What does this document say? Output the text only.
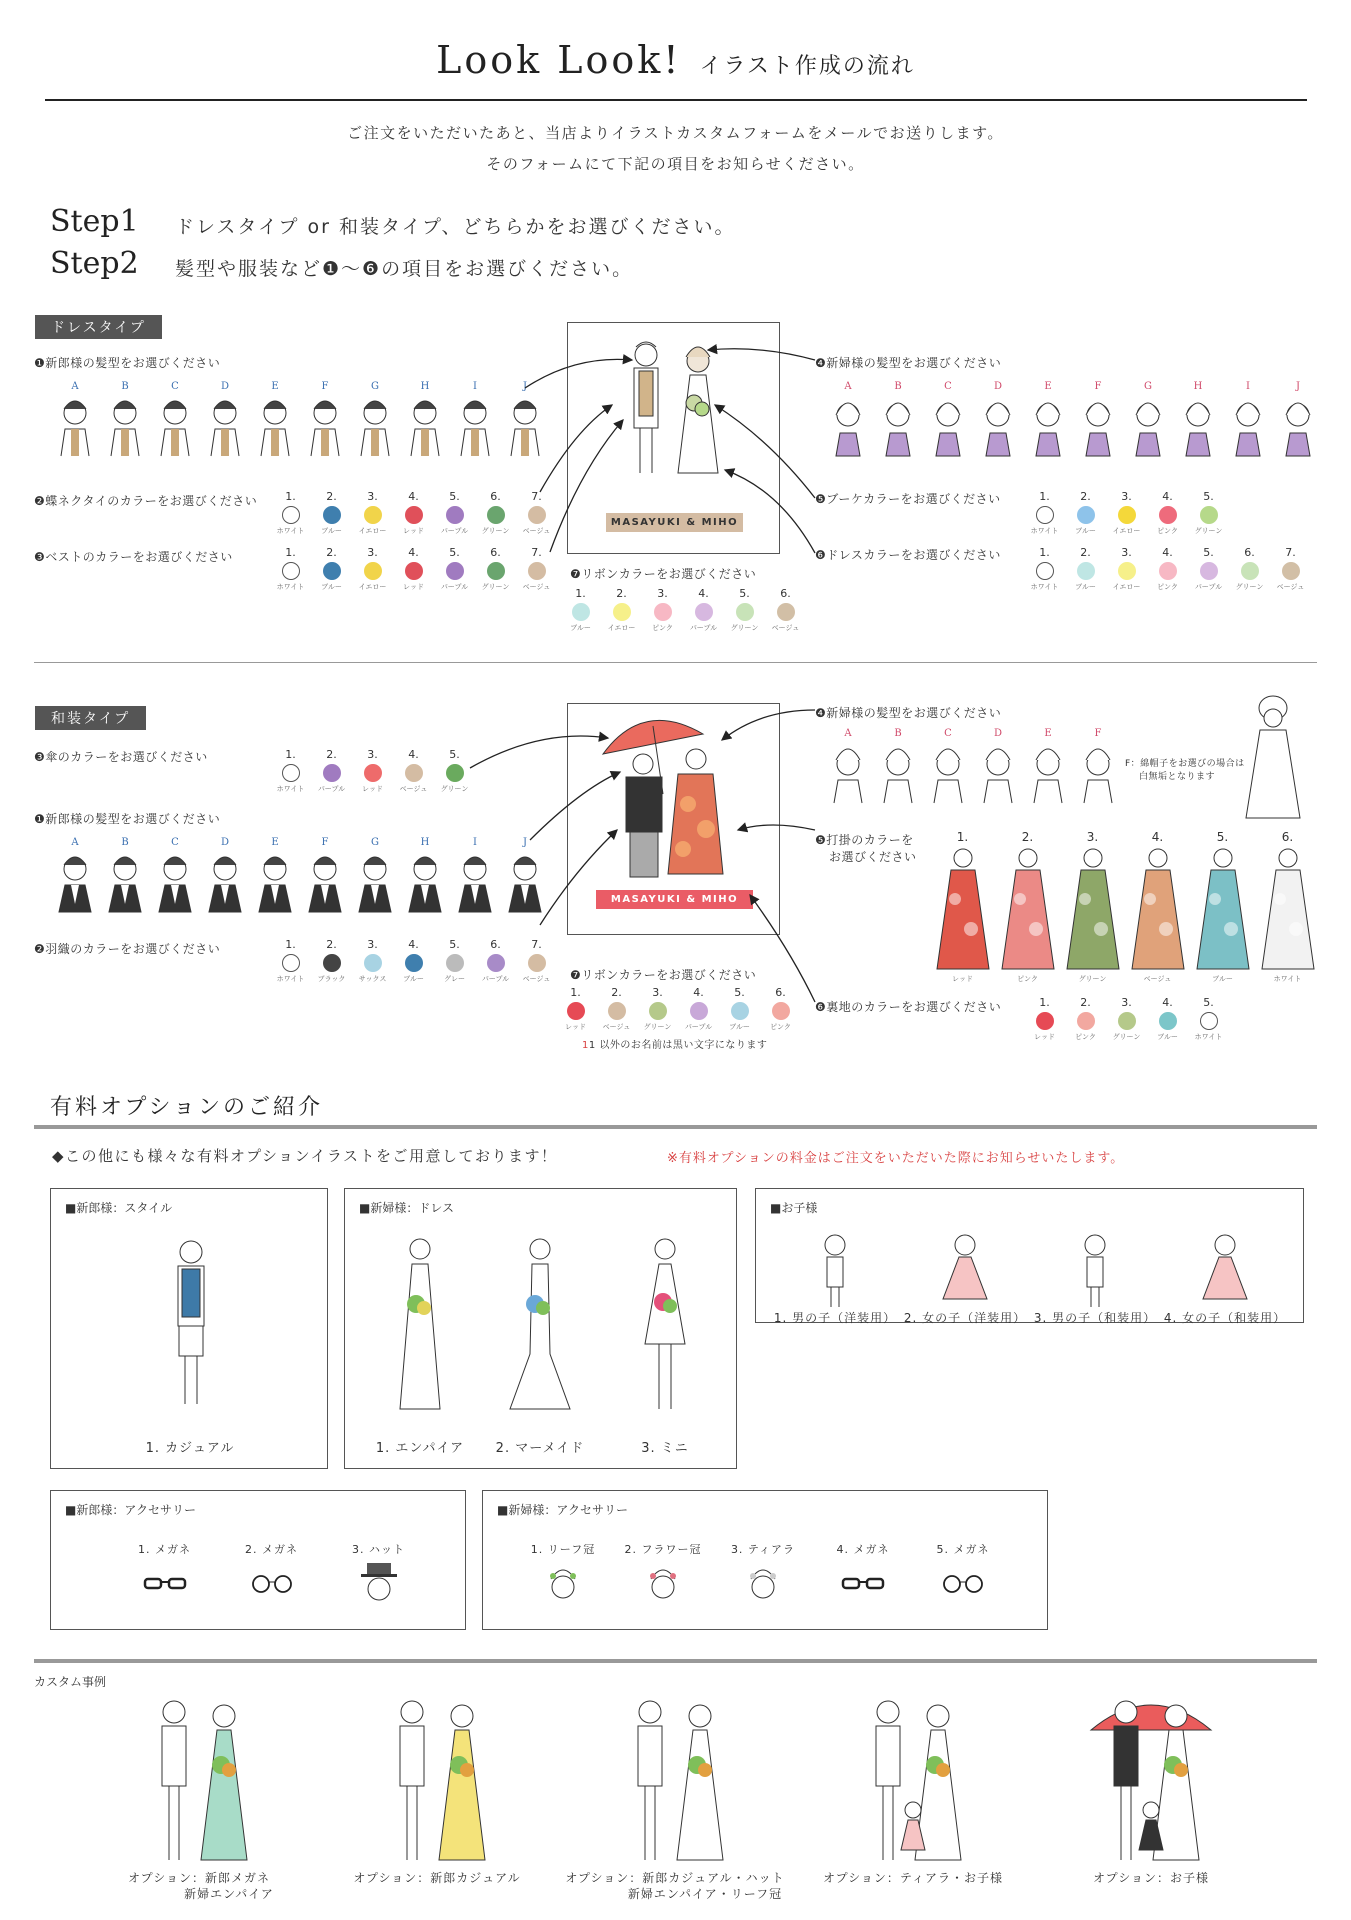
Look Look! イラスト作成の流れ
ご注文をいただいたあと、当店よりイラストカスタムフォームをメールでお送りします。
そのフォームにて下記の項目をお知らせください。
Step1 ドレスタイプ or 和装タイプ、どちらかをお選びください。
Step2 髪型や服装など❶～❻の項目をお選びください。
ドレスタイプ
❶新郎様の髪型をお選びください
A	B	C	D	E	F	G	H	I	J
❷蝶ネクタイのカラーをお選びください	1.
ホワイト
2.
ブルー
3.
イエロー
4.
レッド
5.
パープル
6.
グリーン
7.
ベージュ
❸ベストのカラーをお選びください	1.
ホワイト
2.
ブルー
3.
イエロー
4.
レッド
5.
パープル
6.
グリーン
7.
ベージュ
MASAYUKI & MIHO
❹新婦様の髪型をお選びください
A	B	C	D	E	F	G	H	I	J
❺ブーケカラーをお選びください	1.
ホワイト
2.
ブルー
3.
イエロー
4.
ピンク
5.
グリーン
❻ドレスカラーをお選びください	1.
ホワイト
2.
ブルー
3.
イエロー
4.
ピンク
5.
パープル
6.
グリーン
7.
ベージュ
❼リボンカラーをお選びください
1.
ブルー
2.
イエロー
3.
ピンク
4.
パープル
5.
グリーン
6.
ベージュ
和装タイプ
❸傘のカラーをお選びください	1.
ホワイト
2.
パープル
3.
レッド
4.
ベージュ
5.
グリーン
❶新郎様の髪型をお選びください
A	B	C	D	E	F	G	H	I	J
❷羽織のカラーをお選びください	1.
ホワイト
2.
ブラック
3.
サックス
4.
ブルー
5.
グレー
6.
パープル
7.
ベージュ
MASAYUKI & MIHO
❼リボンカラーをお選びください
1.
レッド
2.
ベージュ
3.
グリーン
4.
パープル
5.
ブルー
6.
ピンク
11 以外のお名前は黒い文字になります
❹新婦様の髪型をお選びください
A	B	C	D	E	F
F：綿帽子をお選びの場合は
白無垢となります
❺打掛のカラーを
お選びください
1.
レッド
2.
ピンク
3.
グリーン
4.
ベージュ
5.
ブルー
6.
ホワイト
❻裏地のカラーをお選びください	1.
レッド
2.
ピンク
3.
グリーン
4.
ブルー
5.
ホワイト
有料オプションのご紹介
◆この他にも様々な有料オプションイラストをご用意しております！	※有料オプションの料金はご注文をいただいた際にお知らせいたします。
■新郎様：スタイル
1. カジュアル
■新婦様：ドレス
1. エンパイア	2. マーメイド	3. ミニ
■お子様
1. 男の子（洋装用） 2. 女の子（洋装用） 3. 男の子（和装用） 4. 女の子（和装用）
■新郎様：アクセサリー
1. メガネ	2. メガネ	3. ハット
■新婦様：アクセサリー
1. リーフ冠	2. フラワー冠	3. ティアラ	4. メガネ	5. メガネ
カスタム事例
オプション：新郎メガネ
新婦エンパイア
オプション：新郎カジュアル	オプション：新郎カジュアル・ハット
新婦エンパイア・リーフ冠
オプション：ティアラ・お子様	オプション：お子様
